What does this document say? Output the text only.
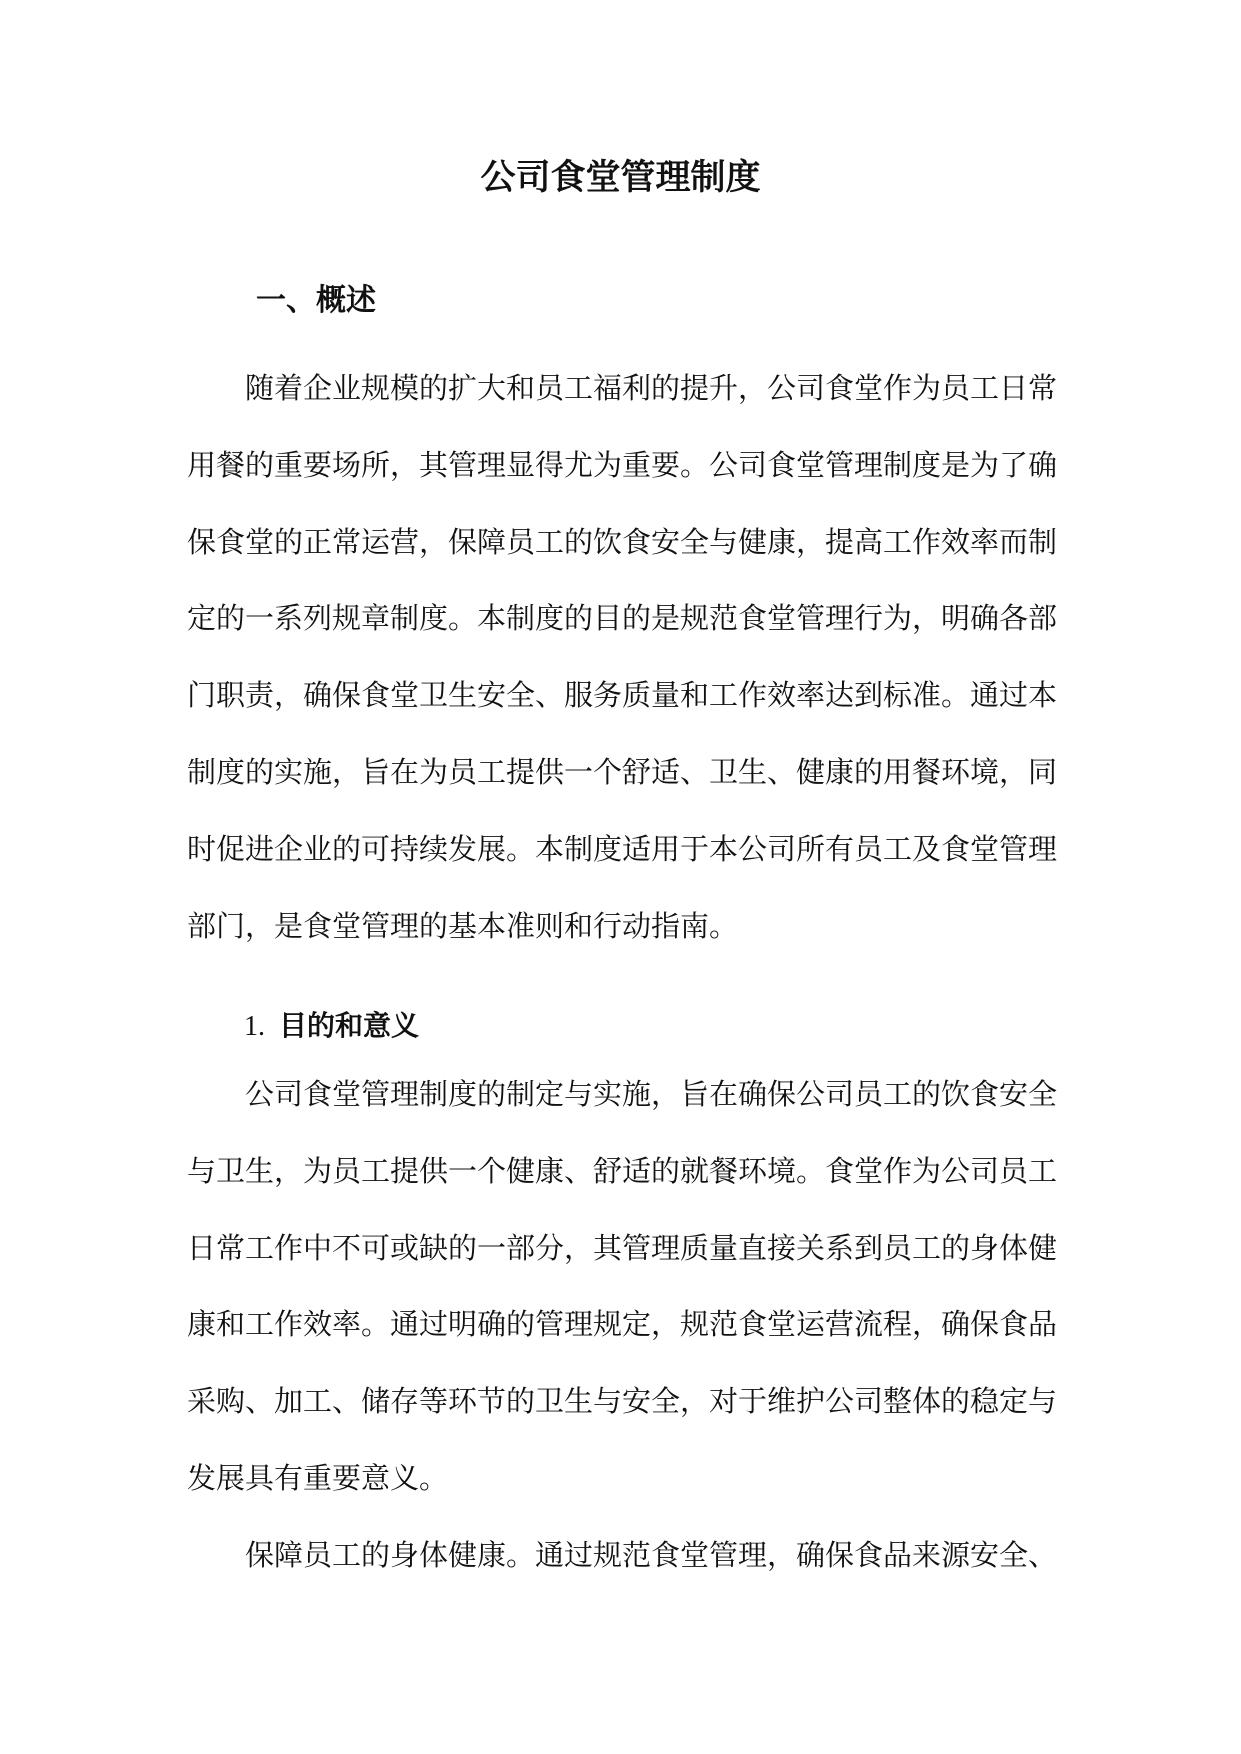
公司食堂管理制度
一、概述
随着企业规模的扩大和员工福利的提升，公司食堂作为员工日常
用餐的重要场所，其管理显得尤为重要。公司食堂管理制度是为了确
保食堂的正常运营，保障员工的饮食安全与健康，提高工作效率而制
定的一系列规章制度。本制度的目的是规范食堂管理行为，明确各部
门职责，确保食堂卫生安全、服务质量和工作效率达到标准。通过本
制度的实施，旨在为员工提供一个舒适、卫生、健康的用餐环境，同
时促进企业的可持续发展。本制度适用于本公司所有员工及食堂管理
部门，是食堂管理的基本准则和行动指南。
1. 目的和意义
公司食堂管理制度的制定与实施，旨在确保公司员工的饮食安全
与卫生，为员工提供一个健康、舒适的就餐环境。食堂作为公司员工
日常工作中不可或缺的一部分，其管理质量直接关系到员工的身体健
康和工作效率。通过明确的管理规定，规范食堂运营流程，确保食品
采购、加工、储存等环节的卫生与安全，对于维护公司整体的稳定与
发展具有重要意义。
保障员工的身体健康。通过规范食堂管理，确保食品来源安全、
